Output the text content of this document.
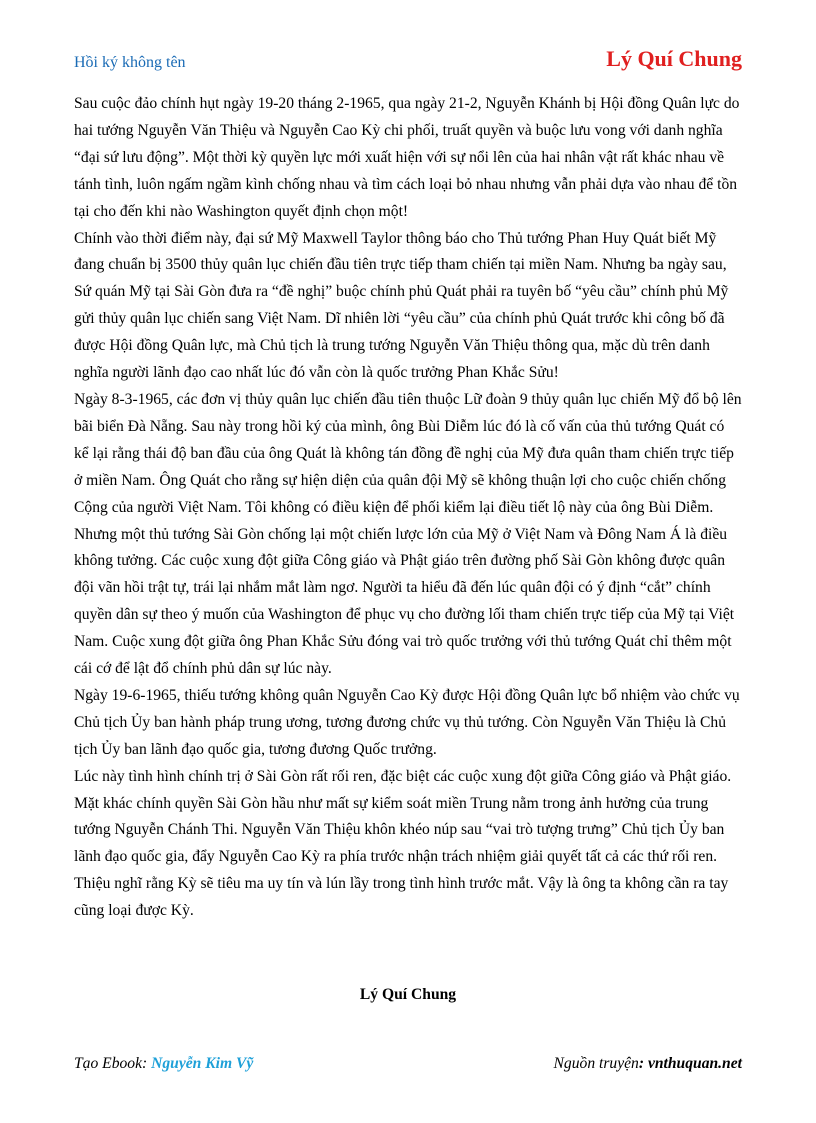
Hồi ký không tên	Lý Quí Chung

Sau cuộc đảo chính hụt ngày 19-20 tháng 2-1965, qua ngày 21-2, Nguyễn Khánh bị Hội đồng Quân lực do hai tướng Nguyễn Văn Thiệu và Nguyễn Cao Kỳ chi phối, truất quyền và buộc lưu vong với danh nghĩa “đại sứ lưu động”. Một thời kỳ quyền lực mới xuất hiện với sự nổi lên của hai nhân vật rất khác nhau về tánh tình, luôn ngấm ngầm kình chống nhau và tìm cách loại bỏ nhau nhưng vẫn phải dựa vào nhau để tồn tại cho đến khi nào Washington quyết định chọn một!

Chính vào thời điểm này, đại sứ Mỹ Maxwell Taylor thông báo cho Thủ tướng Phan Huy Quát biết Mỹ đang chuẩn bị 3500 thủy quân lục chiến đầu tiên trực tiếp tham chiến tại miền Nam. Nhưng ba ngày sau, Sứ quán Mỹ tại Sài Gòn đưa ra “đề nghị” buộc chính phủ Quát phải ra tuyên bố “yêu cầu” chính phủ Mỹ gửi thủy quân lục chiến sang Việt Nam. Dĩ nhiên lời “yêu cầu” của chính phủ Quát trước khi công bố đã được Hội đồng Quân lực, mà Chủ tịch là trung tướng Nguyễn Văn Thiệu thông qua, mặc dù trên danh nghĩa người lãnh đạo cao nhất lúc đó vẫn còn là quốc trưởng Phan Khắc Sửu!

Ngày 8-3-1965, các đơn vị thủy quân lục chiến đầu tiên thuộc Lữ đoàn 9 thủy quân lục chiến Mỹ đổ bộ lên bãi biển Đà Nẵng. Sau này trong hồi ký của mình, ông Bùi Diễm lúc đó là cố vấn của thủ tướng Quát có kể lại rằng thái độ ban đầu của ông Quát là không tán đồng đề nghị của Mỹ đưa quân tham chiến trực tiếp ở miền Nam. Ông Quát cho rằng sự hiện diện của quân đội Mỹ sẽ không thuận lợi cho cuộc chiến chống Cộng của người Việt Nam. Tôi không có điều kiện để phối kiểm lại điều tiết lộ này của ông Bùi Diễm. Nhưng một thủ tướng Sài Gòn chống lại một chiến lược lớn của Mỹ ở Việt Nam và Đông Nam Á là điều không tưởng. Các cuộc xung đột giữa Công giáo và Phật giáo trên đường phố Sài Gòn không được quân đội vãn hồi trật tự, trái lại nhắm mắt làm ngơ. Người ta hiểu đã đến lúc quân đội có ý định “cắt” chính quyền dân sự theo ý muốn của Washington để phục vụ cho đường lối tham chiến trực tiếp của Mỹ tại Việt Nam. Cuộc xung đột giữa ông Phan Khắc Sửu đóng vai trò quốc trưởng với thủ tướng Quát chỉ thêm một cái cớ để lật đổ chính phủ dân sự lúc này.

Ngày 19-6-1965, thiếu tướng không quân Nguyễn Cao Kỳ được Hội đồng Quân lực bổ nhiệm vào chức vụ Chủ tịch Ủy ban hành pháp trung ương, tương đương chức vụ thủ tướng. Còn Nguyễn Văn Thiệu là Chủ tịch Ủy ban lãnh đạo quốc gia, tương đương Quốc trưởng.

Lúc này tình hình chính trị ở Sài Gòn rất rối ren, đặc biệt các cuộc xung đột giữa Công giáo và Phật giáo. Mặt khác chính quyền Sài Gòn hầu như mất sự kiểm soát miền Trung nằm trong ảnh hưởng của trung tướng Nguyễn Chánh Thi. Nguyễn Văn Thiệu khôn khéo núp sau “vai trò tượng trưng” Chủ tịch Ủy ban lãnh đạo quốc gia, đẩy Nguyễn Cao Kỳ ra phía trước nhận trách nhiệm giải quyết tất cả các thứ rối ren. Thiệu nghĩ rằng Kỳ sẽ tiêu ma uy tín và lún lầy trong tình hình trước mắt. Vậy là ông ta không cần ra tay cũng loại được Kỳ.

Lý Quí Chung
Tạo Ebook: Nguyễn Kim Vỹ	Nguồn truyện: vnthuquan.net
